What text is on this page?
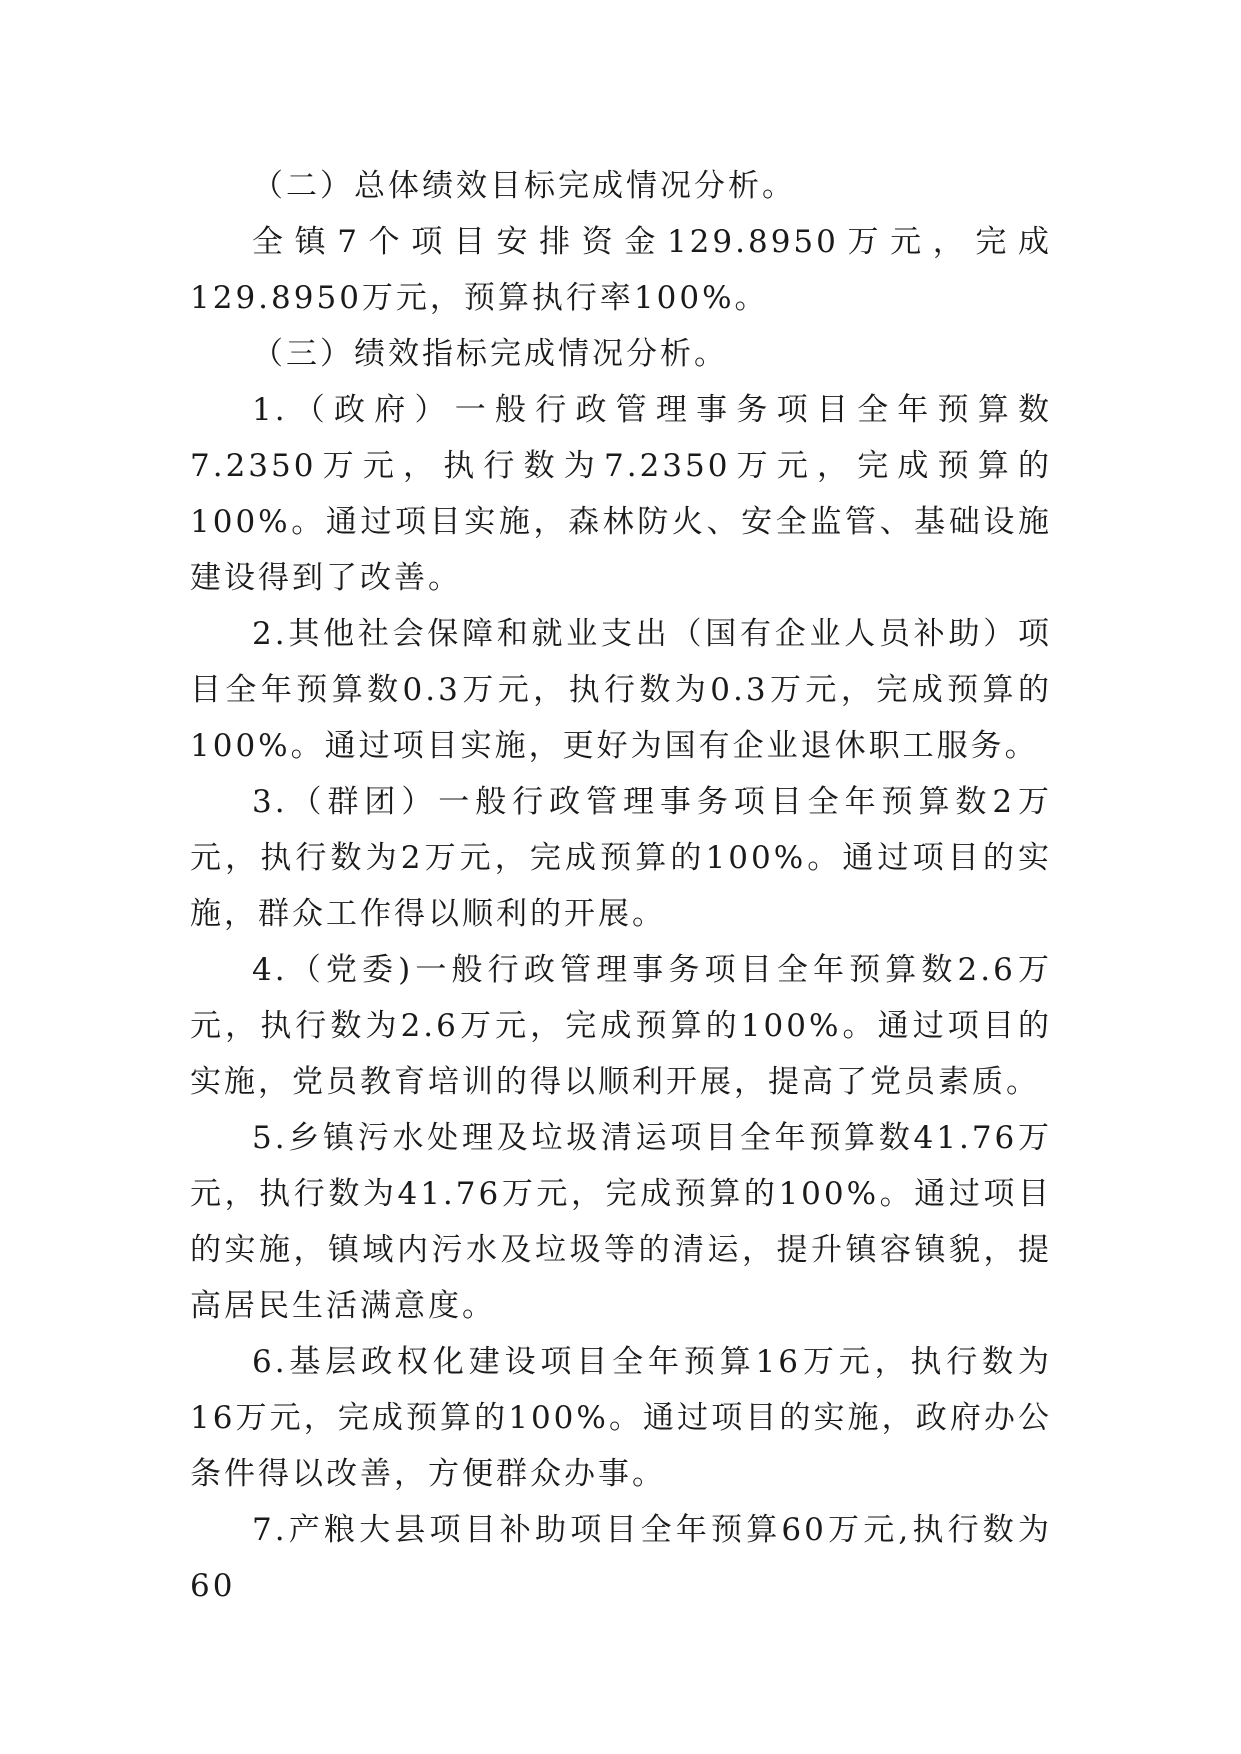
（二）总体绩效目标完成情况分析。

全镇7个项目安排资金129.8950万元，完成129.8950万元，预算执行率100%。

（三）绩效指标完成情况分析。

1.（政府）一般行政管理事务项目全年预算数7.2350万元，执行数为7.2350万元，完成预算的100%。通过项目实施，森林防火、安全监管、基础设施建设得到了改善。

2.其他社会保障和就业支出（国有企业人员补助）项目全年预算数0.3万元，执行数为0.3万元，完成预算的100%。通过项目实施，更好为国有企业退休职工服务。

3.（群团）一般行政管理事务项目全年预算数2万元，执行数为2万元，完成预算的100%。通过项目的实施，群众工作得以顺利的开展。

4.（党委)一般行政管理事务项目全年预算数2.6万元，执行数为2.6万元，完成预算的100%。通过项目的实施，党员教育培训的得以顺利开展，提高了党员素质。

5.乡镇污水处理及垃圾清运项目全年预算数41.76万元，执行数为41.76万元，完成预算的100%。通过项目的实施，镇域内污水及垃圾等的清运，提升镇容镇貌，提高居民生活满意度。

6.基层政权化建设项目全年预算16万元，执行数为16万元，完成预算的100%。通过项目的实施，政府办公条件得以改善，方便群众办事。

7.产粮大县项目补助项目全年预算60万元,执行数为60
